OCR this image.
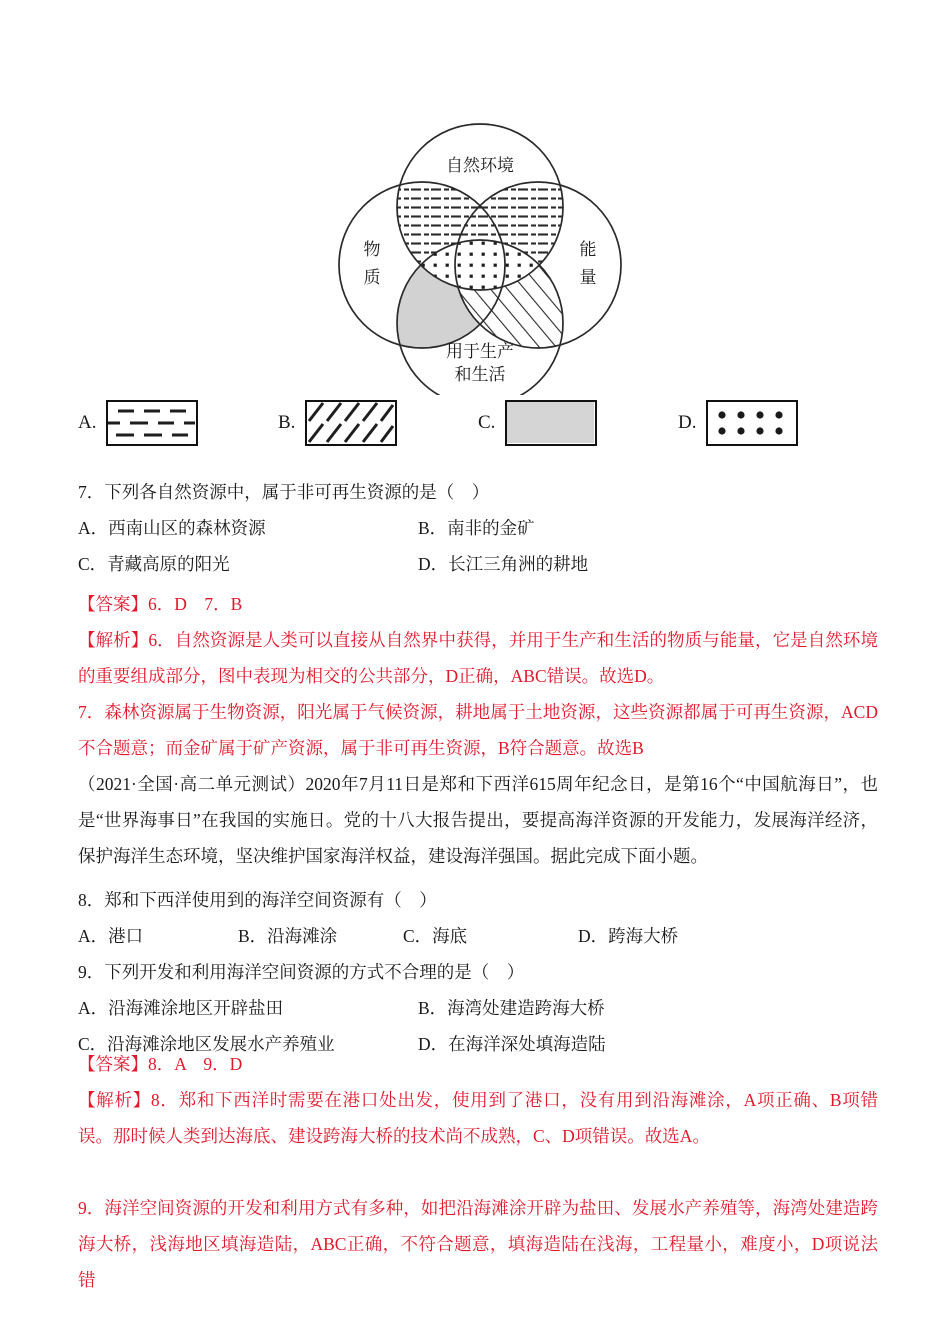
自然环境
物
质
能
量
用于生产
和生活
A.	B.	C.	D.
7．下列各自然资源中，属于非可再生资源的是（　）
A．西南山区的森林资源	B．南非的金矿
C．青藏高原的阳光	D．长江三角洲的耕地
【答案】6．D　7．B
【解析】6．自然资源是人类可以直接从自然界中获得，并用于生产和生活的物质与能量，它是自然环境的重要组成部分，图中表现为相交的公共部分，D正确，ABC错误。故选D。
7．森林资源属于生物资源，阳光属于气候资源，耕地属于土地资源，这些资源都属于可再生资源，ACD不合题意；而金矿属于矿产资源，属于非可再生资源，B符合题意。故选B
（2021·全国·高二单元测试）2020年7月11日是郑和下西洋615周年纪念日，是第16个“中国航海日”，也是“世界海事日”在我国的实施日。党的十八大报告提出，要提高海洋资源的开发能力，发展海洋经济，保护海洋生态环境，坚决维护国家海洋权益，建设海洋强国。据此完成下面小题。
8．郑和下西洋使用到的海洋空间资源有（　）
A．港口	B．沿海滩涂	C．海底	D．跨海大桥
9．下列开发和利用海洋空间资源的方式不合理的是（　）
A．沿海滩涂地区开辟盐田	B．海湾处建造跨海大桥
C．沿海滩涂地区发展水产养殖业	D．在海洋深处填海造陆
【答案】8．A　9．D
【解析】8．郑和下西洋时需要在港口处出发，使用到了港口，没有用到沿海滩涂，A项正确、B项错误。那时候人类到达海底、建设跨海大桥的技术尚不成熟，C、D项错误。故选A。
9．海洋空间资源的开发和利用方式有多种，如把沿海滩涂开辟为盐田、发展水产养殖等，海湾处建造跨海大桥，浅海地区填海造陆，ABC正确，不符合题意，填海造陆在浅海，工程量小，难度小，D项说法错
